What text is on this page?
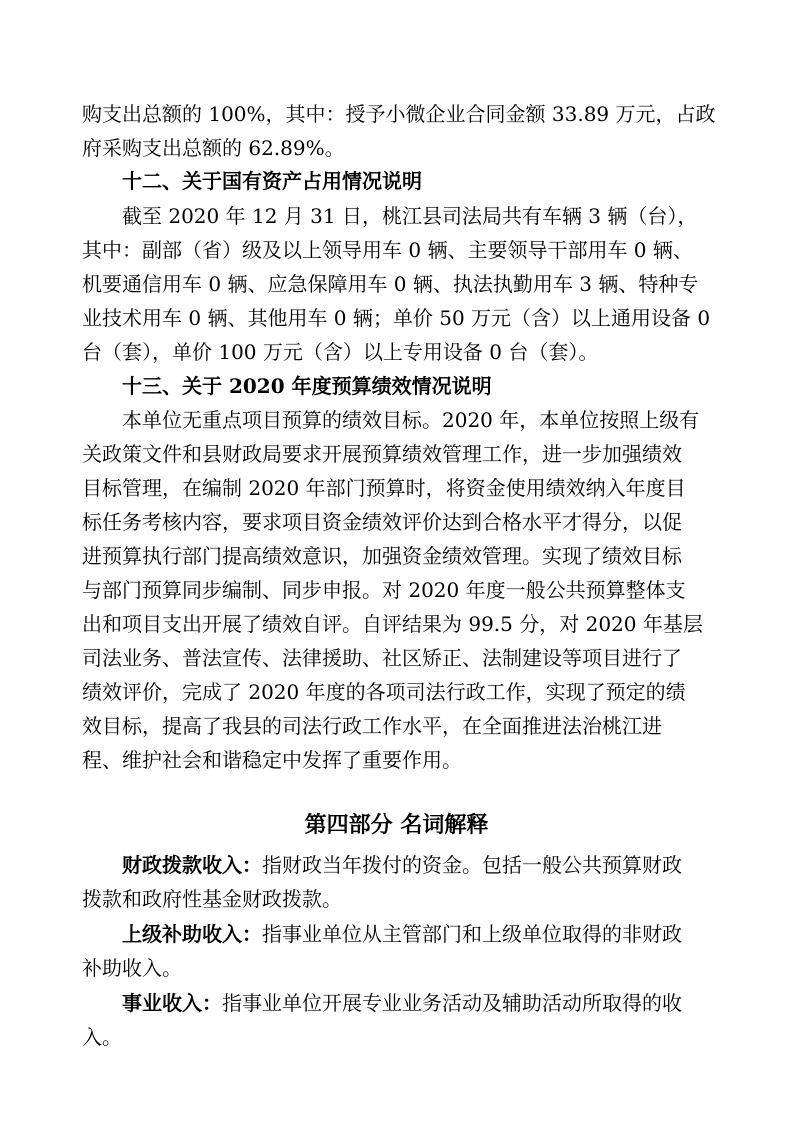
购支出总额的 100%，其中：授予小微企业合同金额 33.89 万元，占政
府采购支出总额的 62.89%。
十二、关于国有资产占用情况说明
截至 2020 年 12 月 31 日，桃江县司法局共有车辆 3 辆（台），
其中：副部（省）级及以上领导用车 0 辆、主要领导干部用车 0 辆、
机要通信用车 0 辆、应急保障用车 0 辆、执法执勤用车 3 辆、特种专
业技术用车 0 辆、其他用车 0 辆；单价 50 万元（含）以上通用设备 0
台（套），单价 100 万元（含）以上专用设备 0 台（套）。
十三、关于 2020 年度预算绩效情况说明
本单位无重点项目预算的绩效目标。2020 年，本单位按照上级有
关政策文件和县财政局要求开展预算绩效管理工作，进一步加强绩效
目标管理，在编制 2020 年部门预算时，将资金使用绩效纳入年度目
标任务考核内容，要求项目资金绩效评价达到合格水平才得分，以促
进预算执行部门提高绩效意识，加强资金绩效管理。实现了绩效目标
与部门预算同步编制、同步申报。对 2020 年度一般公共预算整体支
出和项目支出开展了绩效自评。自评结果为 99.5 分，对 2020 年基层
司法业务、普法宣传、法律援助、社区矫正、法制建设等项目进行了
绩效评价，完成了 2020 年度的各项司法行政工作，实现了预定的绩
效目标，提高了我县的司法行政工作水平，在全面推进法治桃江进
程、维护社会和谐稳定中发挥了重要作用。
第四部分 名词解释
财政拨款收入：指财政当年拨付的资金。包括一般公共预算财政
拨款和政府性基金财政拨款。
上级补助收入：指事业单位从主管部门和上级单位取得的非财政
补助收入。
事业收入：指事业单位开展专业业务活动及辅助活动所取得的收
入。
